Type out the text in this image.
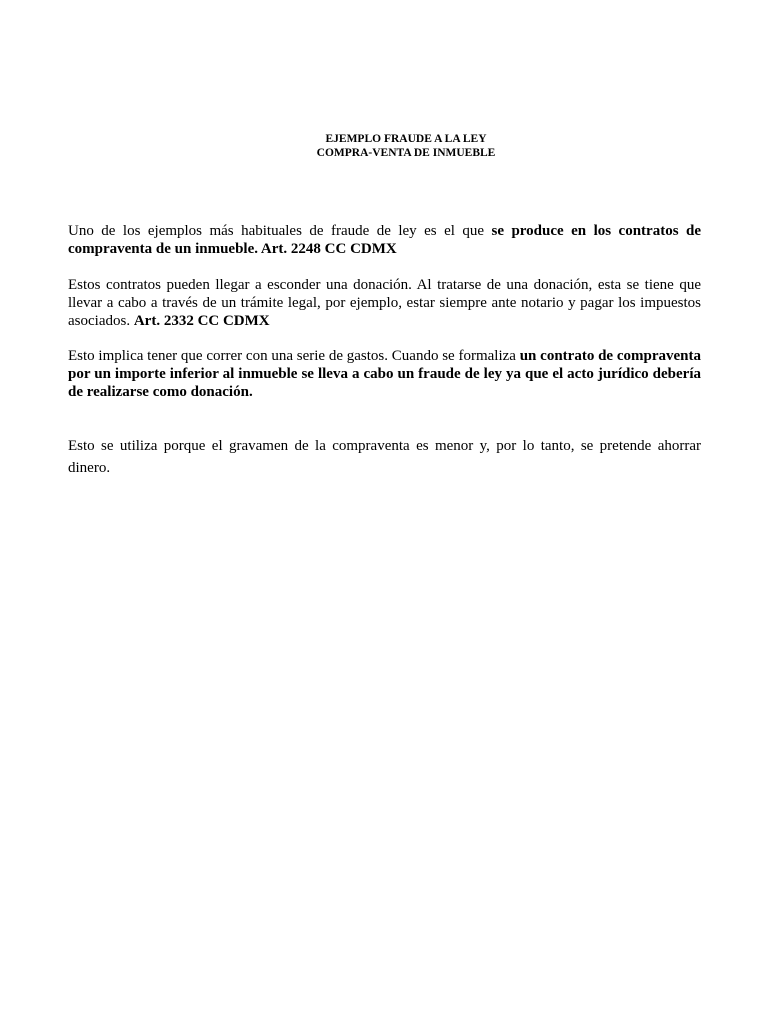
EJEMPLO FRAUDE A LA LEY
COMPRA-VENTA DE INMUEBLE

Uno de los ejemplos más habituales de fraude de ley es el que se produce en los contratos de compraventa de un inmueble. Art. 2248 CC CDMX

Estos contratos pueden llegar a esconder una donación. Al tratarse de una donación, esta se tiene que llevar a cabo a través de un trámite legal, por ejemplo, estar siempre ante notario y pagar los impuestos asociados. Art. 2332 CC CDMX

Esto implica tener que correr con una serie de gastos. Cuando se formaliza un contrato de compraventa por un importe inferior al inmueble se lleva a cabo un fraude de ley ya que el acto jurídico debería de realizarse como donación.

Esto se utiliza porque el gravamen de la compraventa es menor y, por lo tanto, se pretende ahorrar dinero.
